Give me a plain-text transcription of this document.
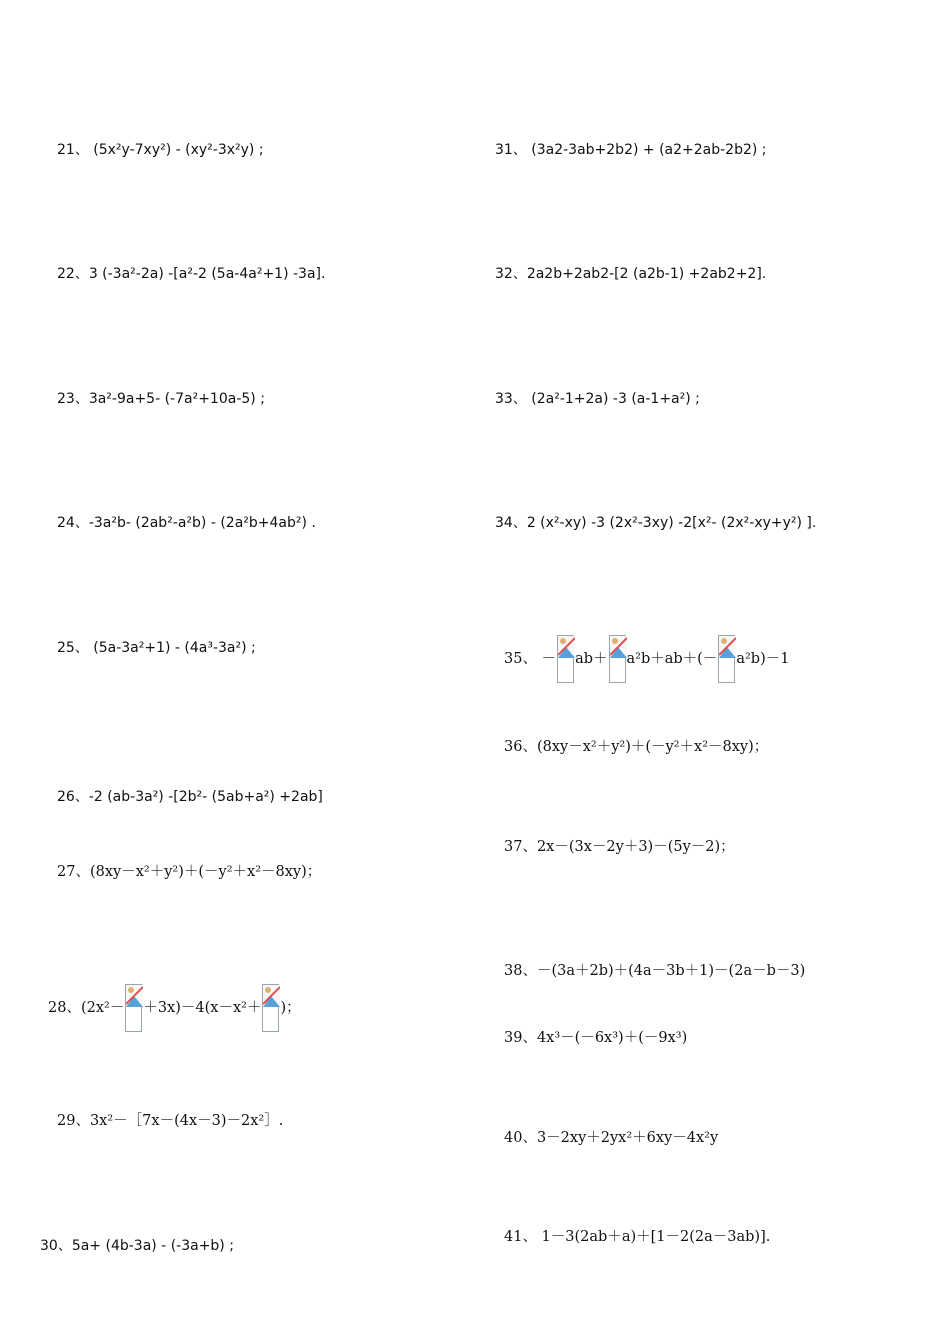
21、 (5x²y-7xy²) - (xy²-3x²y) ;
22、3 (-3a²-2a) -[a²-2 (5a-4a²+1) -3a].
23、3a²-9a+5- (-7a²+10a-5) ;
24、-3a²b- (2ab²-a²b) - (2a²b+4ab²) .
25、 (5a-3a²+1) - (4a³-3a²) ;
26、-2 (ab-3a²) -[2b²- (5ab+a²) +2ab]
27、(8xy－x²＋y²)＋(－y²＋x²－8xy)；
28、(2x²－ ＋3x)－4(x－x²＋ )；
29、3x²－［7x－(4x－3)－2x²］.
30、5a+ (4b-3a) - (-3a+b) ;
31、 (3a2-3ab+2b2) + (a2+2ab-2b2) ;
32、2a2b+2ab2-[2 (a2b-1) +2ab2+2].
33、 (2a²-1+2a) -3 (a-1+a²) ;
34、2 (x²-xy) -3 (2x²-3xy) -2[x²- (2x²-xy+y²) ].
35、 － ab＋ a²b＋ab＋(－ a²b)－1
36、(8xy－x²＋y²)＋(－y²＋x²－8xy)；
37、2x－(3x－2y＋3)－(5y－2)；
38、－(3a＋2b)＋(4a－3b＋1)－(2a－b－3)
39、4x³－(－6x³)＋(－9x³)
40、3－2xy＋2yx²＋6xy－4x²y
41、 1－3(2ab＋a)＋[1－2(2a－3ab)].
